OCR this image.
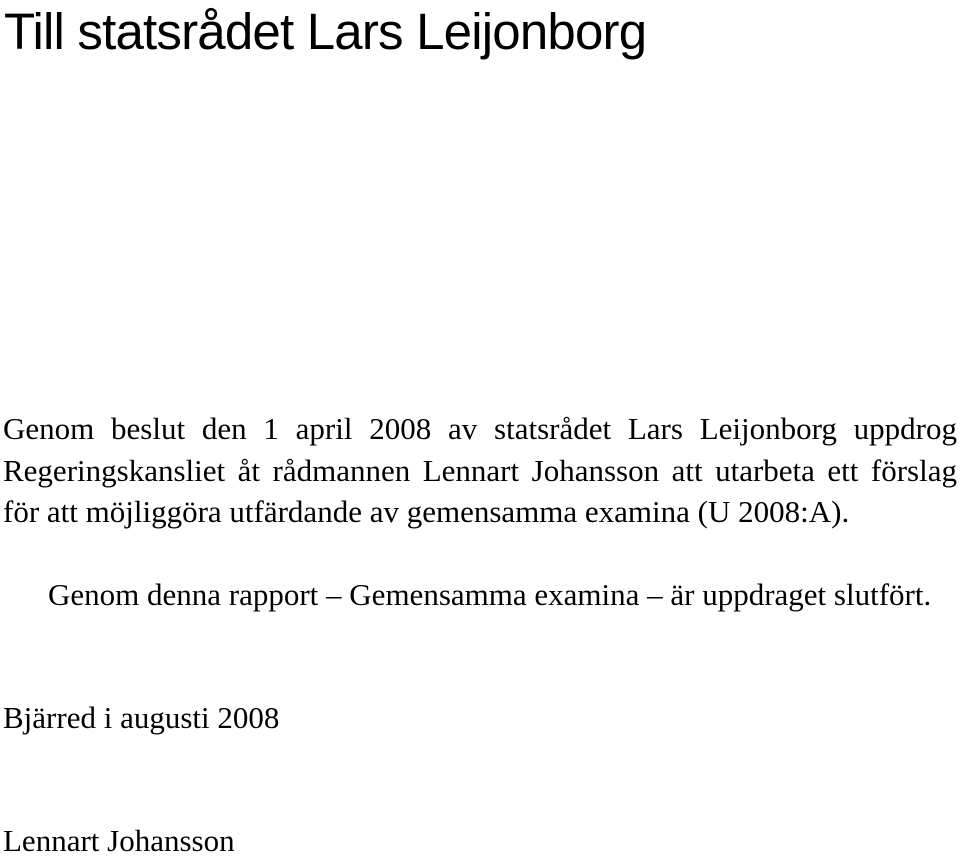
Till statsrådet Lars Leijonborg

Genom beslut den 1 april 2008 av statsrådet Lars Leijonborg uppdrog Regeringskansliet åt rådmannen Lennart Johansson att utarbeta ett förslag för att möjliggöra utfärdande av gemensamma examina (U 2008:A).

Genom denna rapport – Gemensamma examina – är uppdraget slutfört.

Bjärred i augusti 2008

Lennart Johansson
